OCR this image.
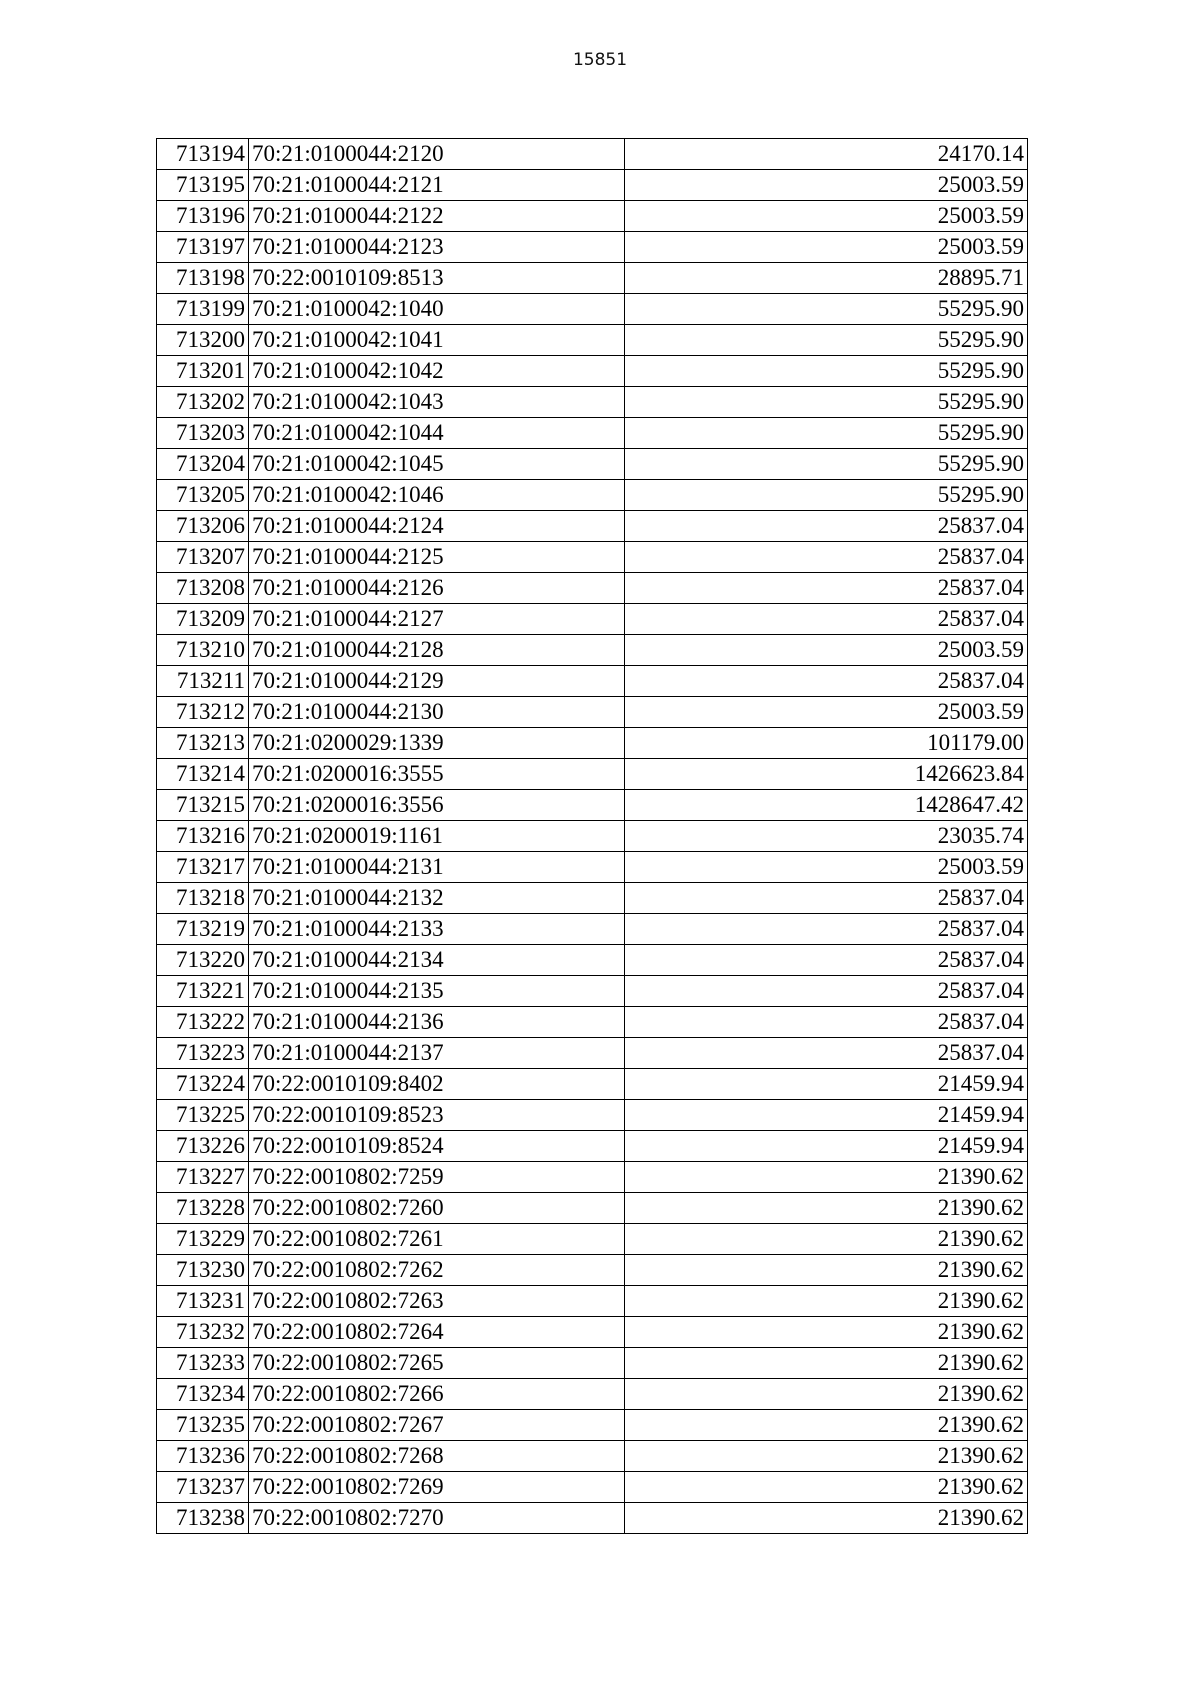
15851
713194	70:21:0100044:2120	24170.14
713195	70:21:0100044:2121	25003.59
713196	70:21:0100044:2122	25003.59
713197	70:21:0100044:2123	25003.59
713198	70:22:0010109:8513	28895.71
713199	70:21:0100042:1040	55295.90
713200	70:21:0100042:1041	55295.90
713201	70:21:0100042:1042	55295.90
713202	70:21:0100042:1043	55295.90
713203	70:21:0100042:1044	55295.90
713204	70:21:0100042:1045	55295.90
713205	70:21:0100042:1046	55295.90
713206	70:21:0100044:2124	25837.04
713207	70:21:0100044:2125	25837.04
713208	70:21:0100044:2126	25837.04
713209	70:21:0100044:2127	25837.04
713210	70:21:0100044:2128	25003.59
713211	70:21:0100044:2129	25837.04
713212	70:21:0100044:2130	25003.59
713213	70:21:0200029:1339	101179.00
713214	70:21:0200016:3555	1426623.84
713215	70:21:0200016:3556	1428647.42
713216	70:21:0200019:1161	23035.74
713217	70:21:0100044:2131	25003.59
713218	70:21:0100044:2132	25837.04
713219	70:21:0100044:2133	25837.04
713220	70:21:0100044:2134	25837.04
713221	70:21:0100044:2135	25837.04
713222	70:21:0100044:2136	25837.04
713223	70:21:0100044:2137	25837.04
713224	70:22:0010109:8402	21459.94
713225	70:22:0010109:8523	21459.94
713226	70:22:0010109:8524	21459.94
713227	70:22:0010802:7259	21390.62
713228	70:22:0010802:7260	21390.62
713229	70:22:0010802:7261	21390.62
713230	70:22:0010802:7262	21390.62
713231	70:22:0010802:7263	21390.62
713232	70:22:0010802:7264	21390.62
713233	70:22:0010802:7265	21390.62
713234	70:22:0010802:7266	21390.62
713235	70:22:0010802:7267	21390.62
713236	70:22:0010802:7268	21390.62
713237	70:22:0010802:7269	21390.62
713238	70:22:0010802:7270	21390.62
